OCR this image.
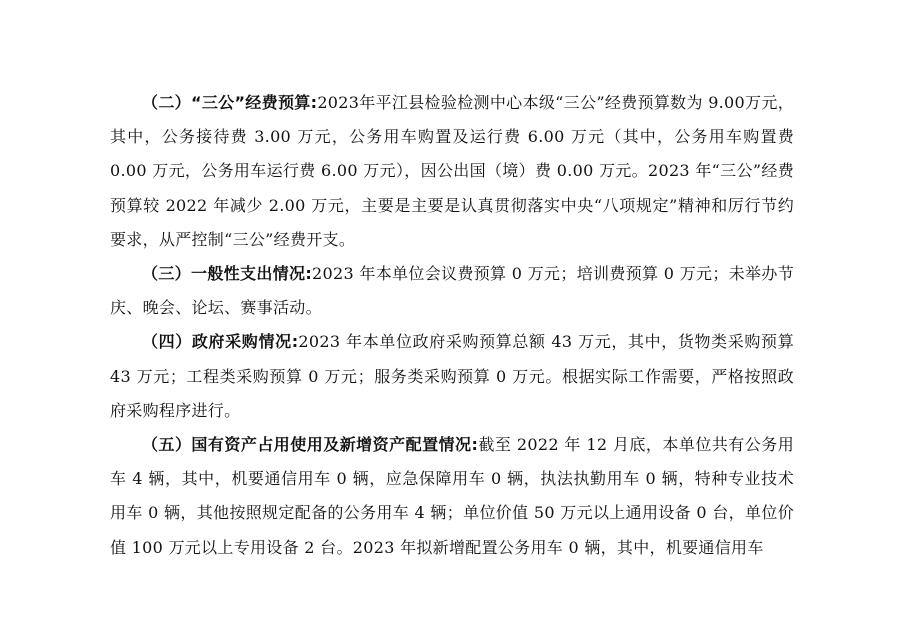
（二）“三公”经费预算:2023年平江县检验检测中心本级“三公”经费预算数为 9.00万元，其中，公务接待费 3.00 万元，公务用车购置及运行费 6.00 万元（其中，公务用车购置费 0.00 万元，公务用车运行费 6.00 万元），因公出国（境）费 0.00 万元。2023 年“三公”经费预算较 2022 年减少 2.00 万元，主要是主要是认真贯彻落实中央“八项规定”精神和厉行节约要求，从严控制“三公”经费开支。

（三）一般性支出情况:2023 年本单位会议费预算 0 万元；培训费预算 0 万元；未举办节庆、晚会、论坛、赛事活动。

（四）政府采购情况:2023 年本单位政府采购预算总额 43 万元，其中，货物类采购预算 43 万元；工程类采购预算 0 万元；服务类采购预算 0 万元。根据实际工作需要，严格按照政府采购程序进行。

（五）国有资产占用使用及新增资产配置情况:截至 2022 年 12 月底，本单位共有公务用车 4 辆，其中，机要通信用车 0 辆，应急保障用车 0 辆，执法执勤用车 0 辆，特种专业技术用车 0 辆，其他按照规定配备的公务用车 4 辆；单位价值 50 万元以上通用设备 0 台，单位价值 100 万元以上专用设备 2 台。2023 年拟新增配置公务用车 0 辆，其中，机要通信用车
